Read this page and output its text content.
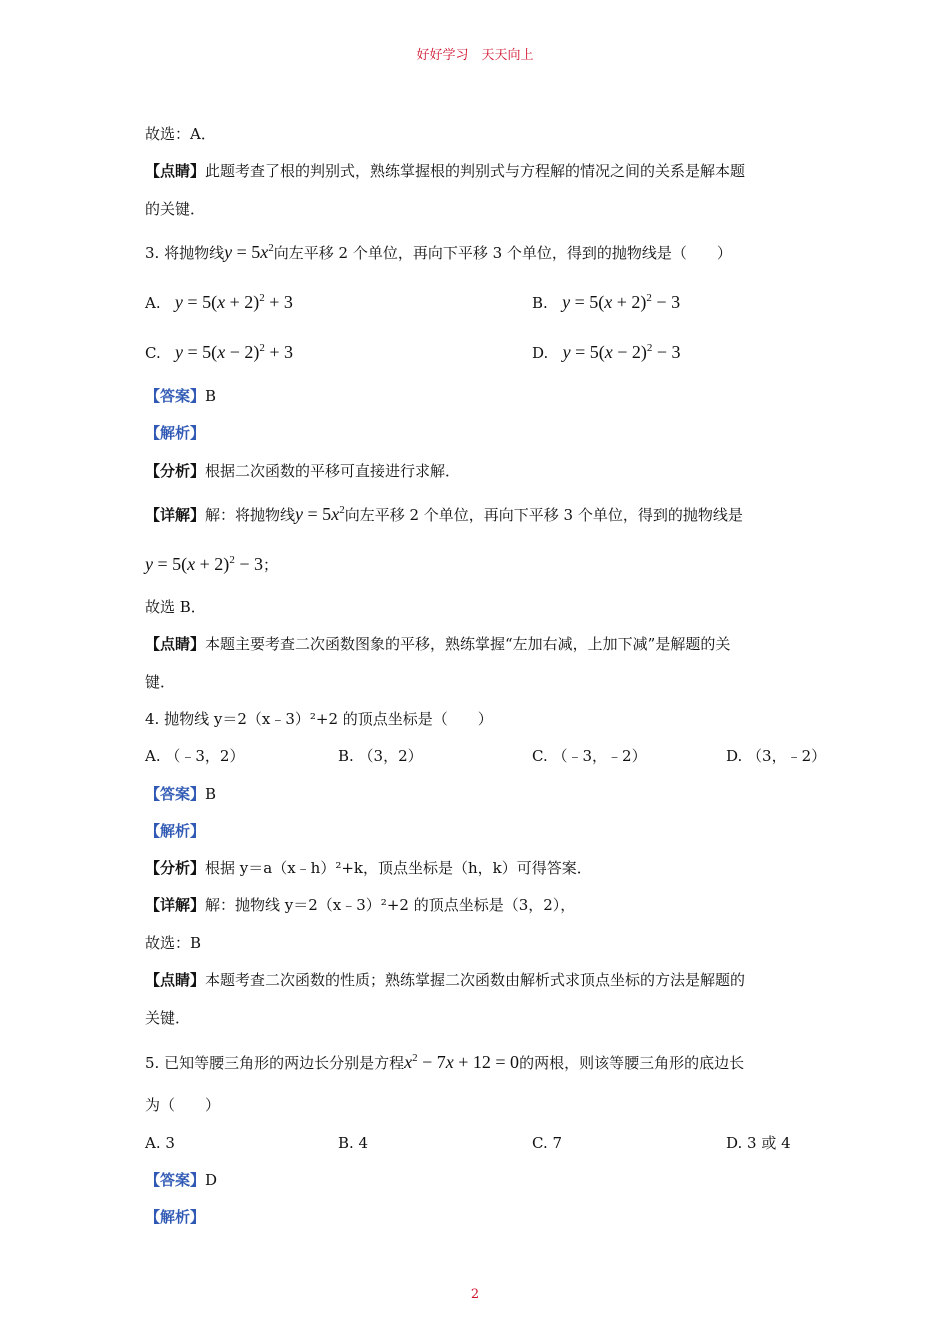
好好学习　天天向上
故选：A．
【点睛】此题考查了根的判别式，熟练掌握根的判别式与方程解的情况之间的关系是解本题
的关键．
3. 将抛物线$y = 5x^2$向左平移 2 个单位，再向下平移 3 个单位，得到的抛物线是（　　）
A. $y = 5(x + 2)^2 + 3$	B. $y = 5(x + 2)^2 - 3$
C. $y = 5(x - 2)^2 + 3$	D. $y = 5(x - 2)^2 - 3$
【答案】B
【解析】
【分析】根据二次函数的平移可直接进行求解．
【详解】解：将抛物线$y = 5x^2$向左平移 2 个单位，再向下平移 3 个单位，得到的抛物线是
$y = 5(x + 2)^2 - 3$；
故选 B．
【点睛】本题主要考查二次函数图象的平移，熟练掌握“左加右减，上加下减”是解题的关
键．
4. 抛物线 y＝2（x﹣3）²+2 的顶点坐标是（　　）
A. （﹣3，2）	B. （3，2）	C. （﹣3，﹣2）	D. （3，﹣2）
【答案】B
【解析】
【分析】根据 y＝a（x﹣h）²+k，顶点坐标是（h，k）可得答案．
【详解】解：抛物线 y＝2（x﹣3）²+2 的顶点坐标是（3，2），
故选：B
【点睛】本题考查二次函数的性质；熟练掌握二次函数由解析式求顶点坐标的方法是解题的
关键．
5. 已知等腰三角形的两边长分别是方程$x^2 - 7x + 12 = 0$的两根，则该等腰三角形的底边长
为（　　）
A. 3	B. 4	C. 7	D. 3 或 4
【答案】D
【解析】
2
